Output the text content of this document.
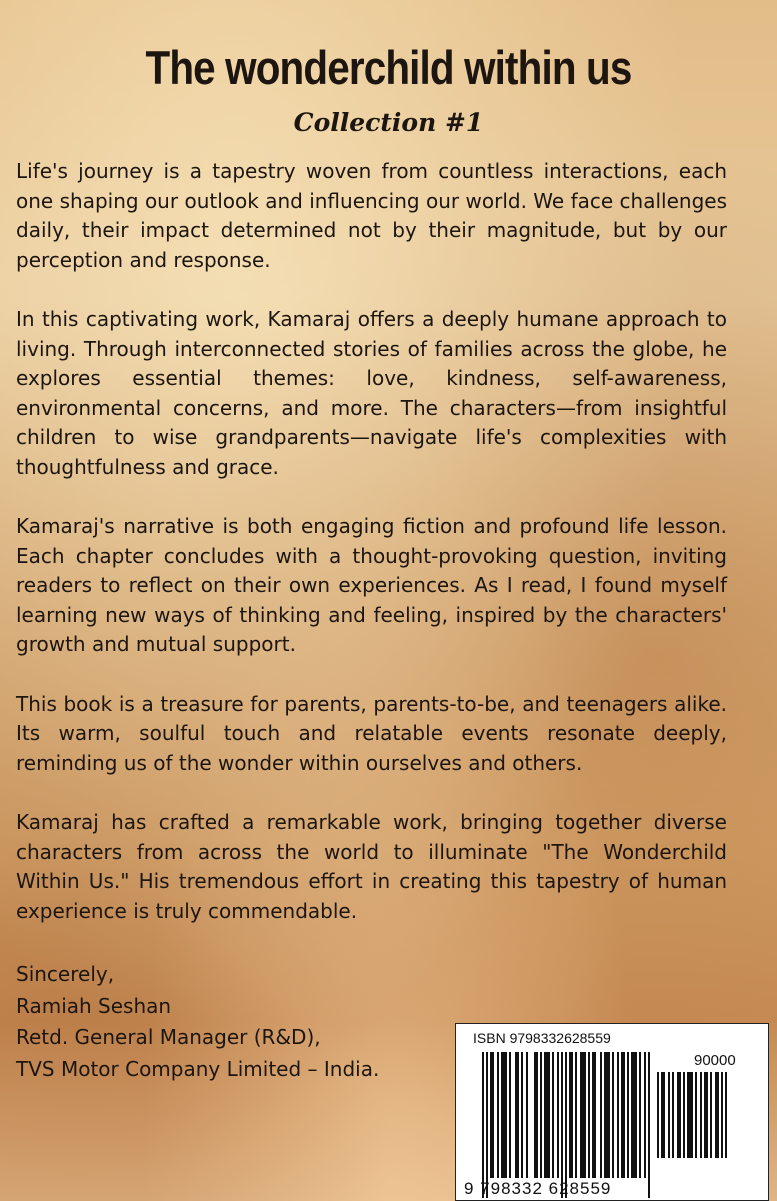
The wonderchild within us
Collection #1

Life's journey is a tapestry woven from countless interactions, each one shaping our outlook and influencing our world. We face challenges daily, their impact determined not by their magnitude, but by our perception and response.

In this captivating work, Kamaraj offers a deeply humane approach to living. Through interconnected stories of families across the globe, he explores essential themes: love, kindness, self-awareness, environmental concerns, and more. The characters—from insightful children to wise grandparents—navigate life's complexities with thoughtfulness and grace.

Kamaraj's narrative is both engaging fiction and profound life lesson. Each chapter concludes with a thought-provoking question, inviting readers to reflect on their own experiences. As I read, I found myself learning new ways of thinking and feeling, inspired by the characters' growth and mutual support.

This book is a treasure for parents, parents-to-be, and teenagers alike. Its warm, soulful touch and relatable events resonate deeply, reminding us of the wonder within ourselves and others.

Kamaraj has crafted a remarkable work, bringing together diverse characters from across the world to illuminate "The Wonderchild Within Us." His tremendous effort in creating this tapestry of human experience is truly commendable.

Sincerely,
Ramiah Seshan
Retd. General Manager (R&D),
TVS Motor Company Limited – India.
ISBN 9798332628559
90000
9 798332 628559
